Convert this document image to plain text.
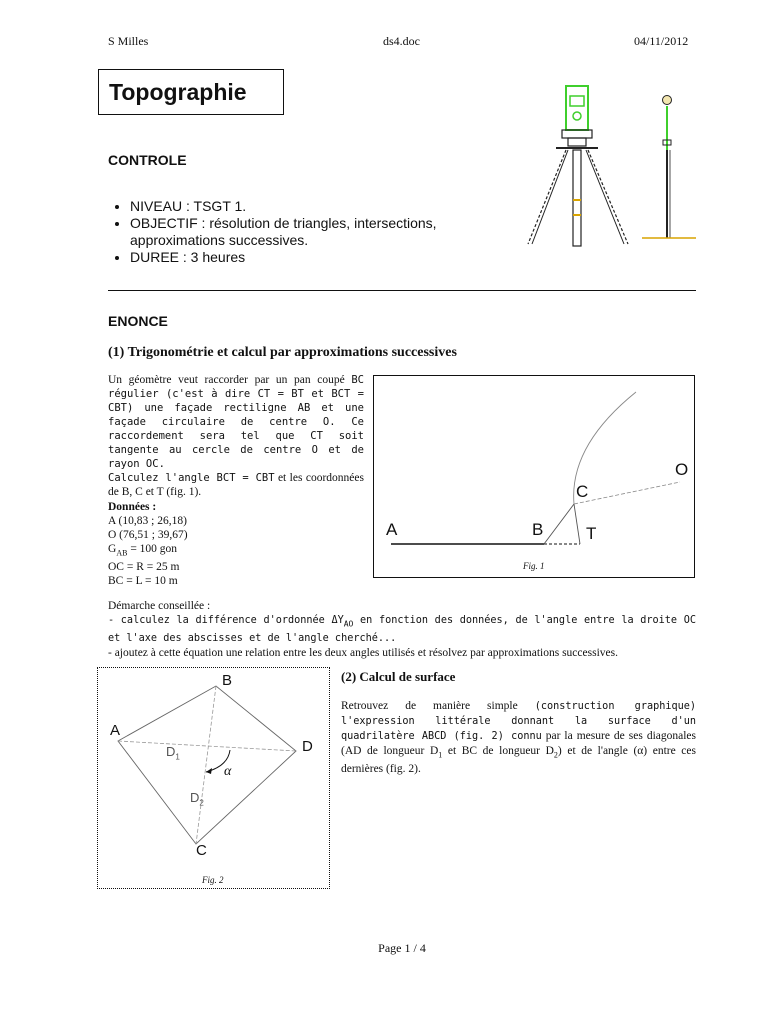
S Milles	ds4.doc	04/11/2012
Topographie
CONTROLE
• NIVEAU : TSGT 1.
• OBJECTIF : résolution de triangles, intersections, approximations successives.
• DUREE : 3 heures
ENONCE
(1) Trigonométrie et calcul par approximations successives
Un géomètre veut raccorder par un pan coupé BC régulier (c'est à dire CT = BT et BCT = CBT) une façade rectiligne AB et une façade circulaire de centre O. Ce raccordement sera tel que CT soit tangente au cercle de centre O et de rayon OC.
Calculez l'angle BCT = CBT et les coordonnées de B, C et T (fig. 1).
Données :
A (10,83 ; 26,18)
O (76,51 ; 39,67)
$G_{AB} = 100$ gon
OC = R = 25 m
BC = L = 10 m
A	B
C
T
O
Fig. 1
Démarche conseillée :
- calculez la différence d'ordonnée $\Delta Y_{AO}$ en fonction des données, de l'angle entre la droite OC et l'axe des abscisses et de l'angle cherché...
- ajoutez à cette équation une relation entre les deux angles utilisés et résolvez par approximations successives.
A
B
C
D
$D_1$
$D_2$
α
Fig. 2
(2) Calcul de surface
Retrouvez de manière simple (construction graphique) l'expression littérale donnant la surface d'un quadrilatère ABCD (fig. 2) connu par la mesure de ses diagonales (AD de longueur $D_1$ et BC de longueur $D_2$) et de l'angle (α) entre ces dernières (fig. 2).
Page 1 / 4
